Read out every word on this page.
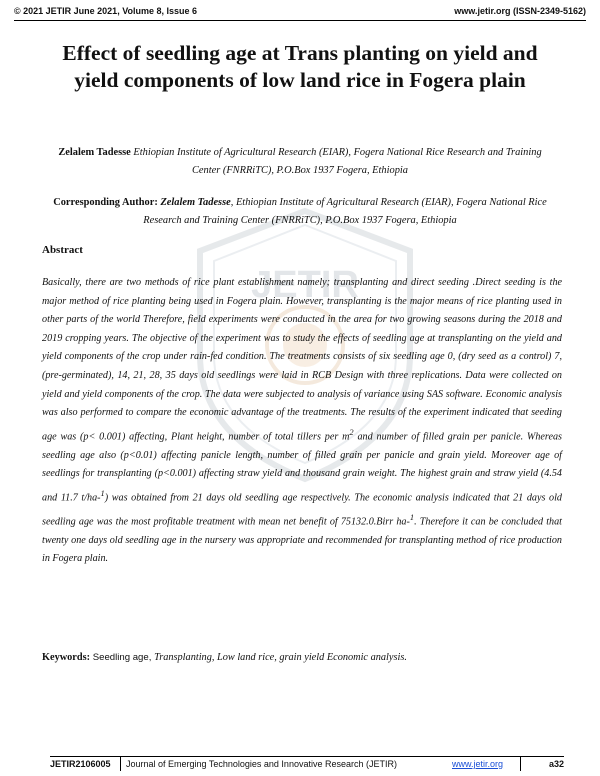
© 2021 JETIR June 2021, Volume 8, Issue 6	www.jetir.org (ISSN-2349-5162)
JETIR
Effect of seedling age at Trans planting on yield and yield components of low land rice in Fogera plain
Zelalem Tadesse Ethiopian Institute of Agricultural Research (EIAR), Fogera National Rice Research and Training Center (FNRRiTC), P.O.Box 1937 Fogera, Ethiopia
Corresponding Author: Zelalem Tadesse, Ethiopian Institute of Agricultural Research (EIAR), Fogera National Rice Research and Training Center (FNRRiTC), P.O.Box 1937 Fogera, Ethiopia
Abstract

Basically, there are two methods of rice plant establishment namely; transplanting and direct seeding .Direct seeding is the major method of rice planting being used in Fogera plain. However, transplanting is the major means of rice planting used in other parts of the world Therefore, field experiments were conducted in the area for two growing seasons during the 2018 and 2019 cropping years. The objective of the experiment was to study the effects of seedling age at transplanting on the yield and yield components of the crop under rain-fed condition. The treatments consists of six seedling age 0, (dry seed as a control) 7, (pre-germinated), 14, 21, 28, 35 days old seedlings were laid in RCB Design with three replications. Data were collected on yield and yield components of the crop. The data were subjected to analysis of variance using SAS software. Economic analysis was also performed to compare the economic advantage of the treatments. The results of the experiment indicated that seeding age was (p< 0.001) affecting, Plant height, number of total tillers per $m^2$ and number of filled grain per panicle. Whereas seedling age also (p<0.01) affecting panicle length, number of filled grain per panicle and grain yield. Moreover age of seedlings for transplanting (p<0.001) affecting straw yield and thousand grain weight. The highest grain and straw yield (4.54 and 11.7 t/ha-$^1$) was obtained from 21 days old seedling age respectively. The economic analysis indicated that 21 days old seedling age was the most profitable treatment with mean net benefit of 75132.0.Birr ha-$^1$. Therefore it can be concluded that twenty one days old seedling age in the nursery was appropriate and recommended for transplanting method of rice production in Fogera plain.

Keywords: Seedling age, Transplanting, Low land rice, grain yield Economic analysis.
JETIR2106005 Journal of Emerging Technologies and Innovative Research (JETIR)	www.jetir.org	a32
